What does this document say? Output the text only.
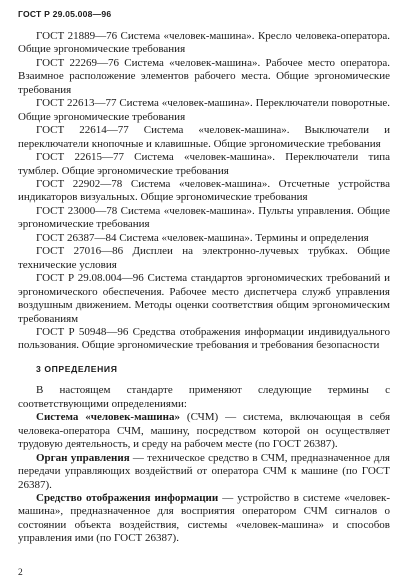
ГОСТ Р 29.05.008—96

ГОСТ 21889—76 Система «человек-машина». Кресло человека-оператора. Общие эргономические требования

ГОСТ 22269—76 Система «человек-машина». Рабочее место оператора. Взаимное расположение элементов рабочего места. Общие эргономические требования

ГОСТ 22613—77 Система «человек-машина». Переключатели поворотные. Общие эргономические требования

ГОСТ 22614—77 Система «человек-машина». Выключатели и переключатели кнопочные и клавишные. Общие эргономические требования

ГОСТ 22615—77 Система «человек-машина». Переключатели типа тумблер. Общие эргономические требования

ГОСТ 22902—78 Система «человек-машина». Отсчетные устройства индикаторов визуальных. Общие эргономические требования

ГОСТ 23000—78 Система «человек-машина». Пульты управления. Общие эргономические требования

ГОСТ 26387—84 Система «человек-машина». Термины и определения

ГОСТ 27016—86 Дисплеи на электронно-лучевых трубках. Общие технические условия

ГОСТ Р 29.08.004—96 Система стандартов эргономических требований и эргономического обеспечения. Рабочее место диспетчера служб управления воздушным движением. Методы оценки соответствия общим эргономическим требованиям

ГОСТ Р 50948—96 Средства отображения информации индивидуального пользования. Общие эргономические требования и требования безопасности

3 ОПРЕДЕЛЕНИЯ

В настоящем стандарте применяют следующие термины с соответствующими определениями:

Система «человек-машина» (СЧМ) — система, включающая в себя человека-оператора СЧМ, машину, посредством которой он осуществляет трудовую деятельность, и среду на рабочем месте (по ГОСТ 26387).

Орган управления — техническое средство в СЧМ, предназначенное для передачи управляющих воздействий от оператора СЧМ к машине (по ГОСТ 26387).

Средство отображения информации — устройство в системе «человек-машина», предназначенное для восприятия оператором СЧМ сигналов о состоянии объекта воздействия, системы «человек-машина» и способов управления ими (по ГОСТ 26387).

2
